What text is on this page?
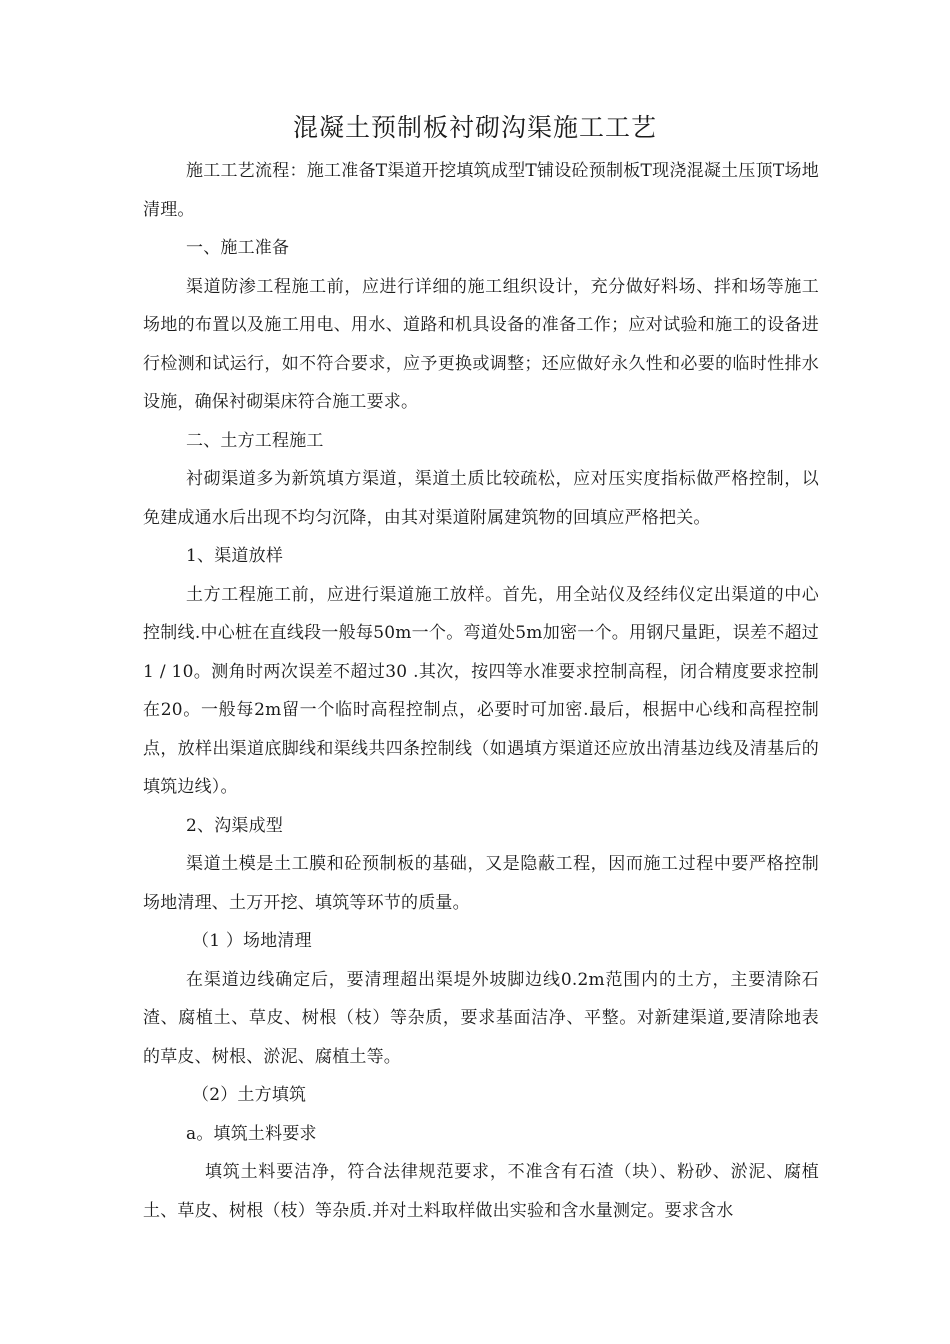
混凝土预制板衬砌沟渠施工工艺

施工工艺流程：施工准备T渠道开挖填筑成型T铺设砼预制板T现浇混凝土压顶T场地清理。

一、施工准备

渠道防渗工程施工前，应进行详细的施工组织设计，充分做好料场、拌和场等施工场地的布置以及施工用电、用水、道路和机具设备的准备工作；应对试验和施工的设备进行检测和试运行，如不符合要求，应予更换或调整；还应做好永久性和必要的临时性排水设施，确保衬砌渠床符合施工要求。

二、土方工程施工

衬砌渠道多为新筑填方渠道，渠道土质比较疏松，应对压实度指标做严格控制，以免建成通水后出现不均匀沉降，由其对渠道附属建筑物的回填应严格把关。

1、渠道放样

土方工程施工前，应进行渠道施工放样。首先，用全站仪及经纬仪定出渠道的中心控制线.中心桩在直线段一般每50m一个。弯道处5m加密一个。用钢尺量距，误差不超过1 / 10。测角时两次误差不超过30 .其次，按四等水准要求控制高程，闭合精度要求控制在20。一般每2m留一个临时高程控制点，必要时可加密.最后，根据中心线和高程控制点，放样出渠道底脚线和渠线共四条控制线（如遇填方渠道还应放出清基边线及清基后的填筑边线）。

2、沟渠成型

渠道土模是土工膜和砼预制板的基础，又是隐蔽工程，因而施工过程中要严格控制场地清理、土万开挖、填筑等环节的质量。

（1 ）场地清理

在渠道边线确定后，要清理超出渠堤外坡脚边线0.2m范围内的土方，主要清除石渣、腐植土、草皮、树根（枝）等杂质，要求基面洁净、平整。对新建渠道,要清除地表的草皮、树根、淤泥、腐植土等。

（2）土方填筑

a。填筑土料要求

填筑土料要洁净，符合法律规范要求，不准含有石渣（块）、粉砂、淤泥、腐植土、草皮、树根（枝）等杂质.并对土料取样做出实验和含水量测定。要求含水
